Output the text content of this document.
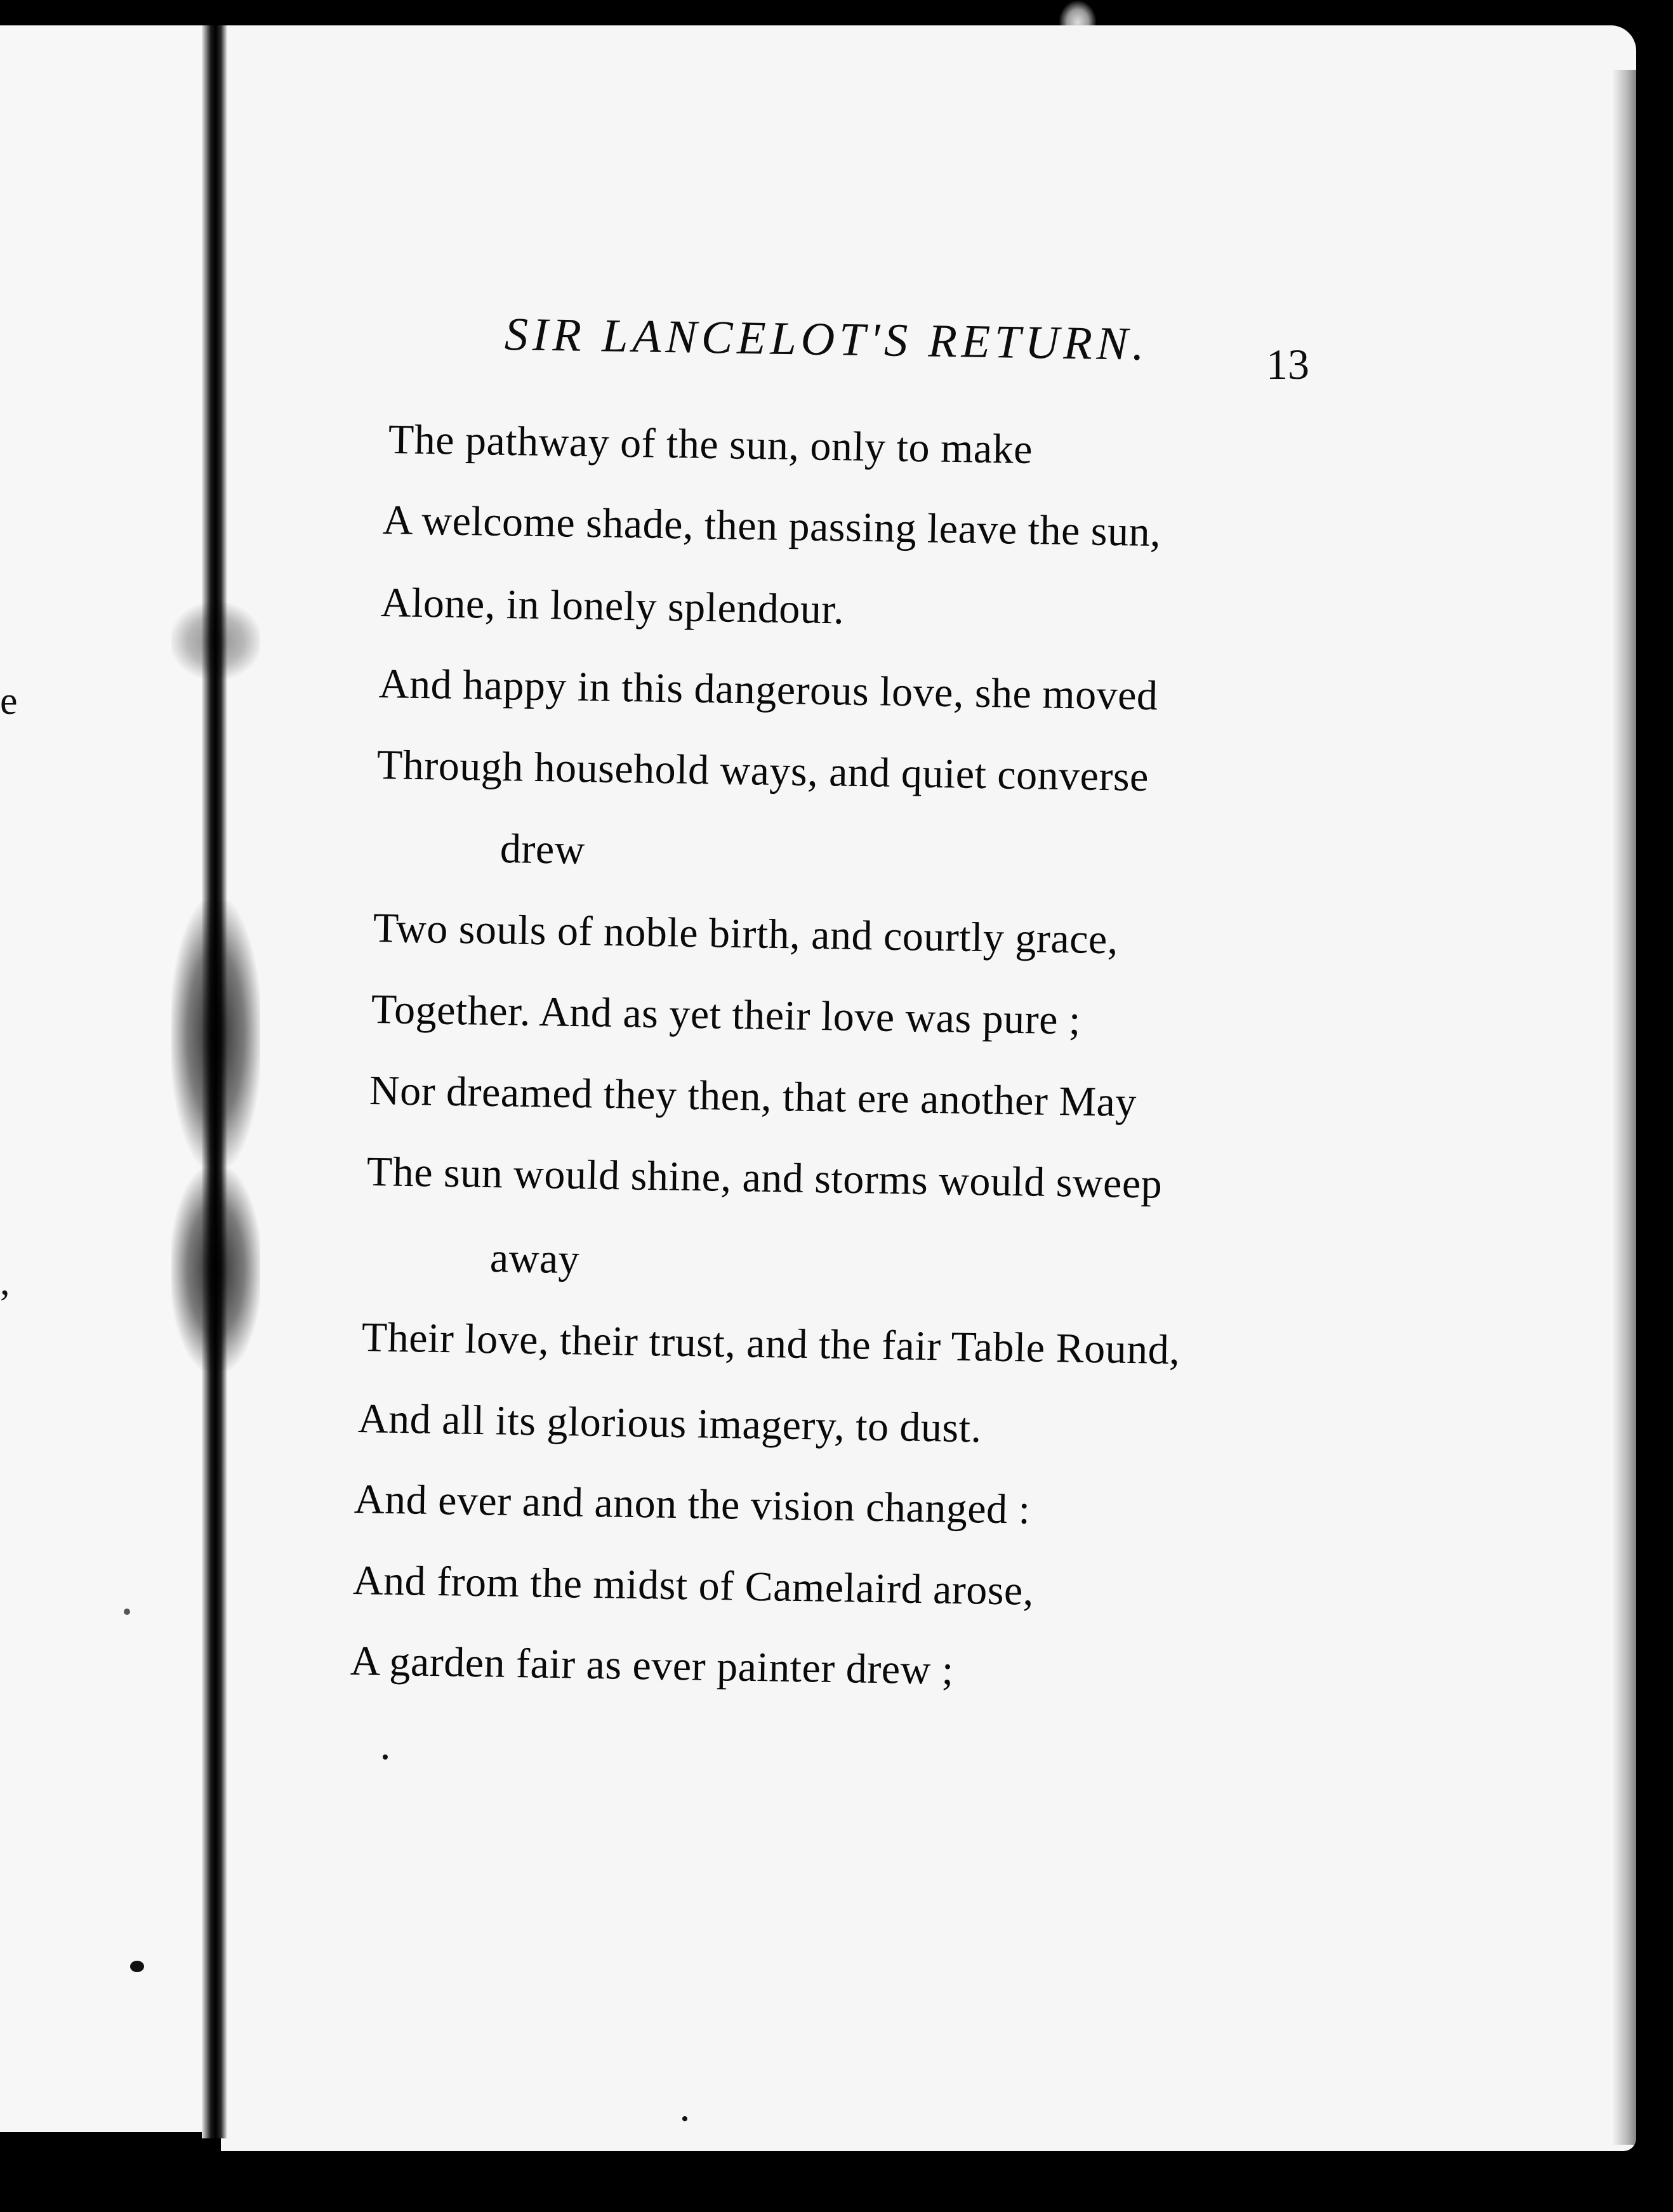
e
,
SIR LANCELOT'S RETURN.	13
The pathway of the sun, only to make
A welcome shade, then passing leave the sun,
Alone, in lonely splendour.
And happy in this dangerous love, she moved
Through household ways, and quiet converse
drew
Two souls of noble birth, and courtly grace,
Together. And as yet their love was pure ;
Nor dreamed they then, that ere another May
The sun would shine, and storms would sweep
away
Their love, their trust, and the fair Table Round,
And all its glorious imagery, to dust.
And ever and anon the vision changed :
And from the midst of Camelaird arose,
A garden fair as ever painter drew ;
